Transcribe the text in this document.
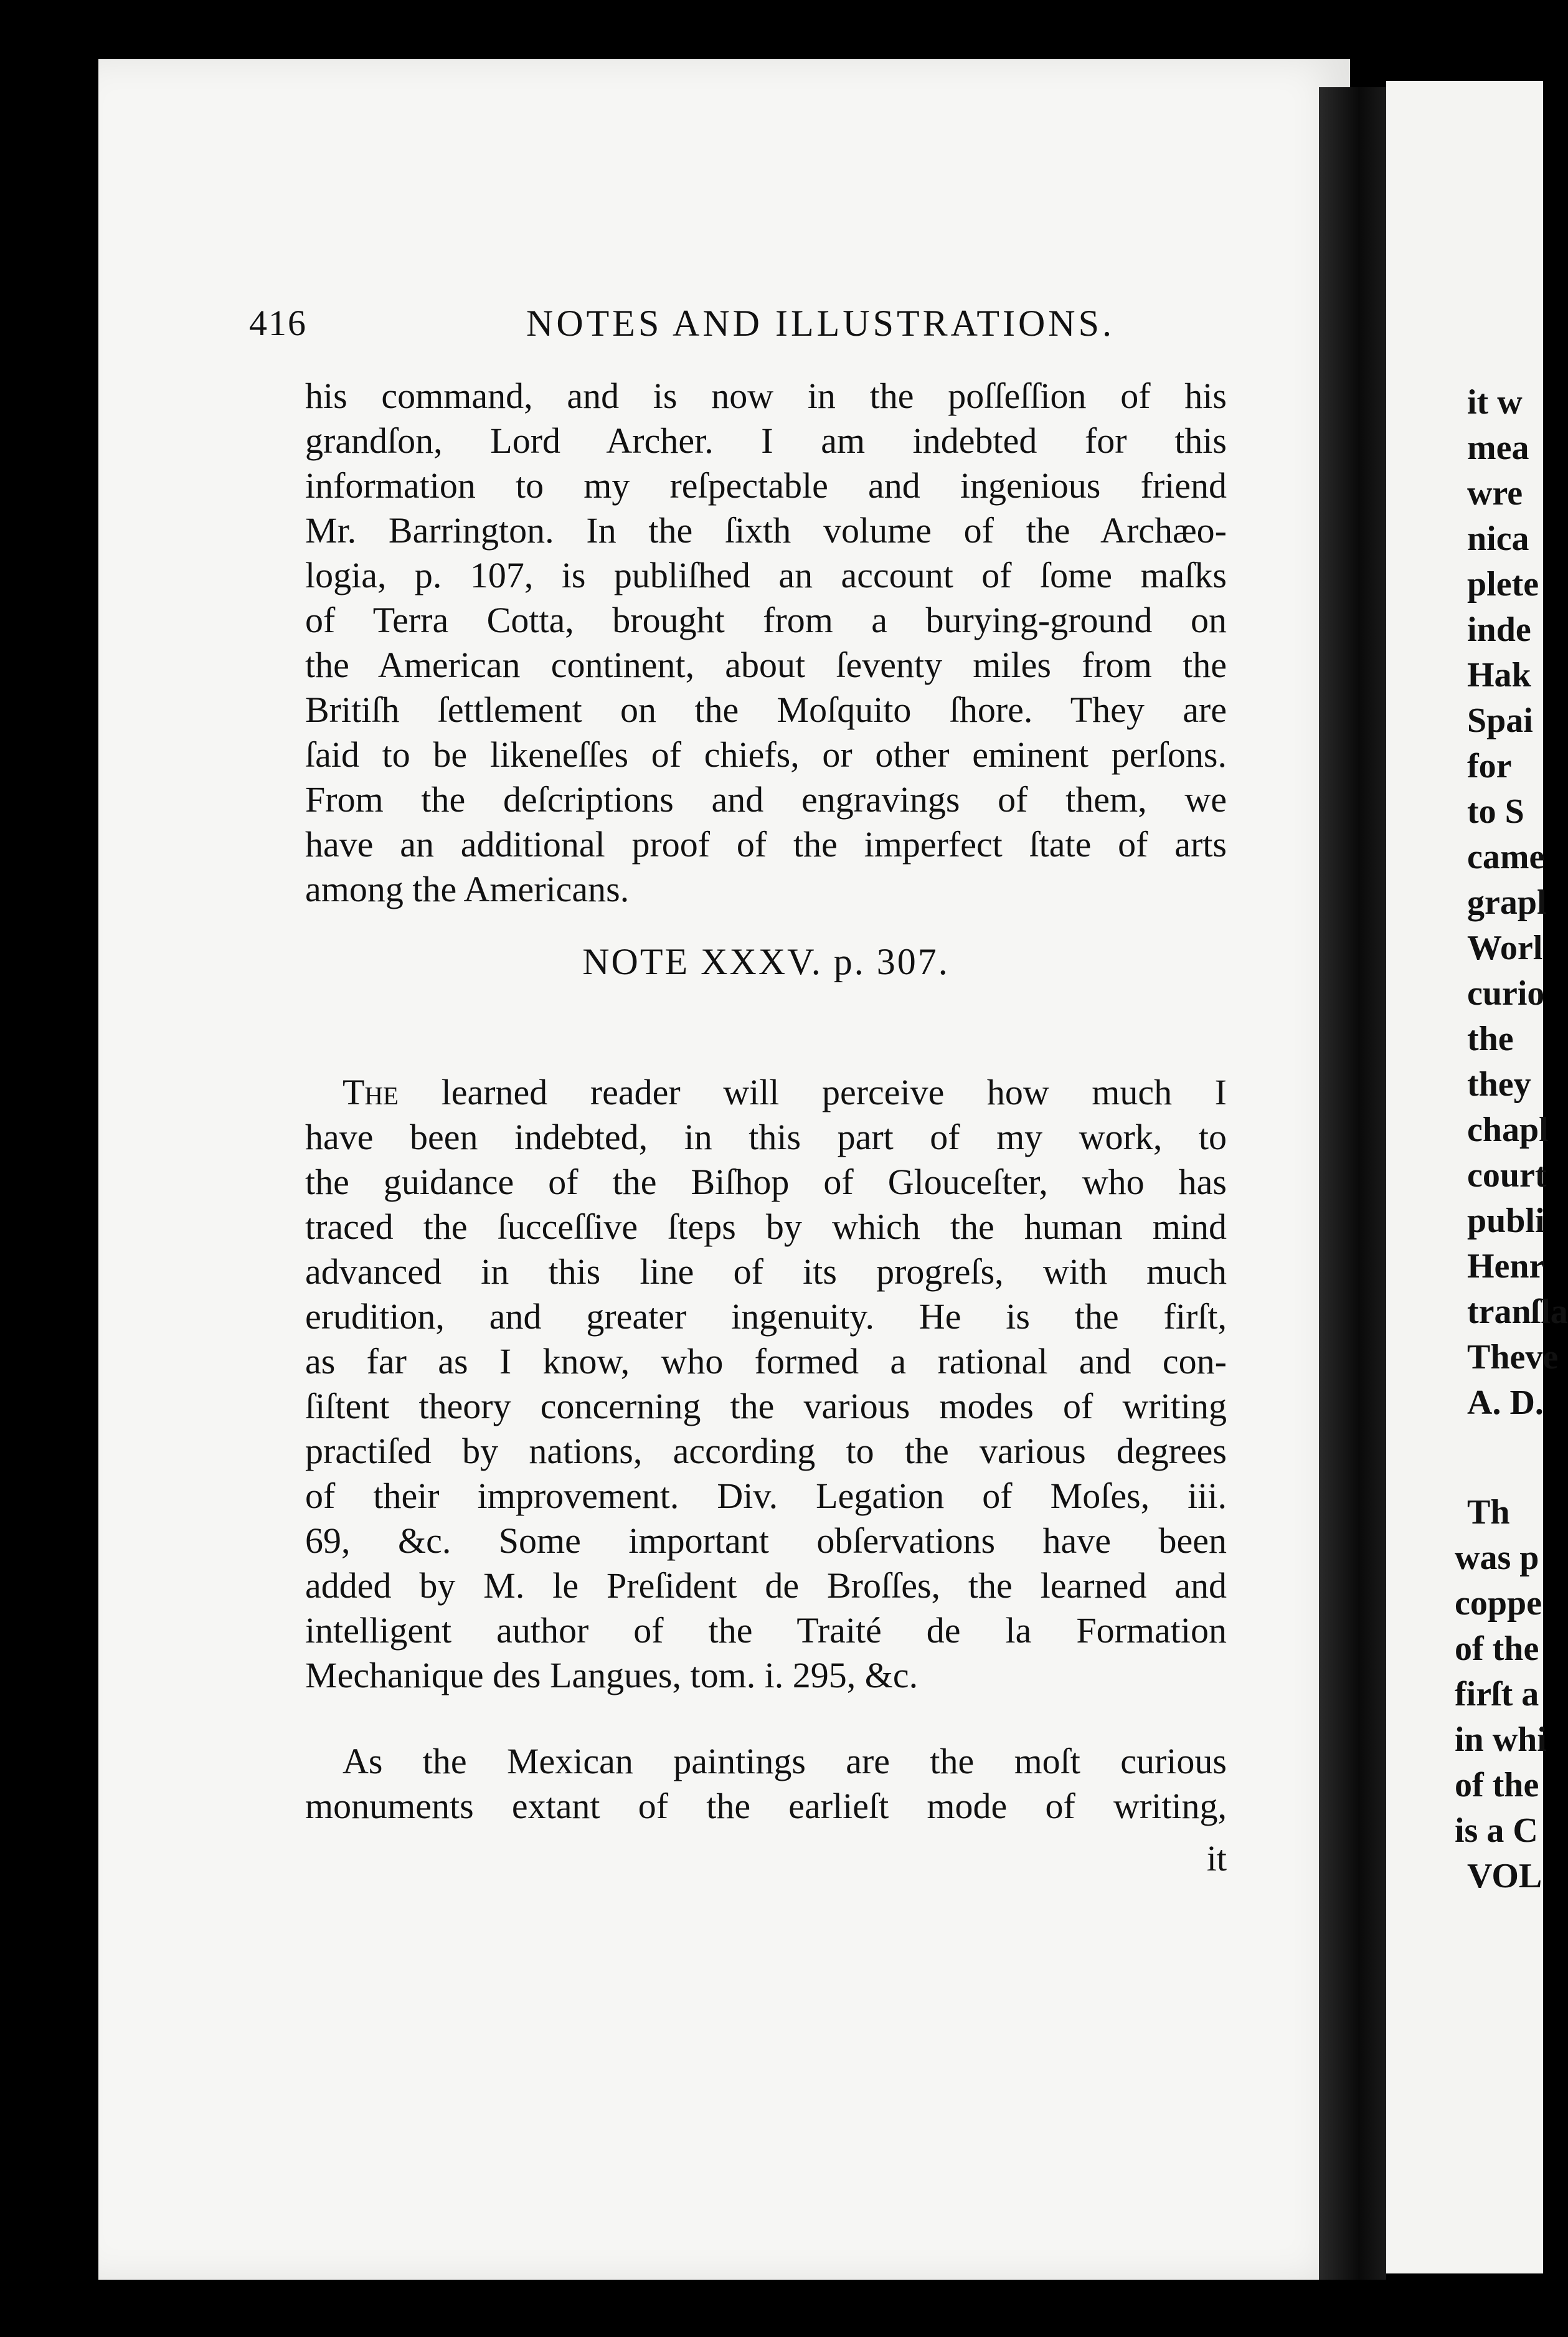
it w
mea
wre
nica
plete
inde
Hak
Spai
for
to S
came
grapl
Worl
curio
the
they
chapl
court
publi
Henr
tranſla
Theve
A. D.
Th
was p
coppe
of the
firſt a
in whi
of the
is a C
VOL
416	NOTES AND ILLUSTRATIONS.
his command, and is now in the poſſeſſion of his
grandſon, Lord Archer. I am indebted for this
information to my reſpectable and ingenious friend
Mr. Barrington. In the ſixth volume of the Archæo-
logia, p. 107, is publiſhed an account of ſome maſks
of Terra Cotta, brought from a burying-ground on
the American continent, about ſeventy miles from the
Britiſh ſettlement on the Moſquito ſhore. They are
ſaid to be likeneſſes of chiefs, or other eminent perſons.
From the deſcriptions and engravings of them, we
have an additional proof of the imperfect ſtate of arts
among the Americans.
NOTE XXXV. p. 307.
The learned reader will perceive how much I
have been indebted, in this part of my work, to
the guidance of the Biſhop of Glouceſter, who has
traced the ſucceſſive ſteps by which the human mind
advanced in this line of its progreſs, with much
erudition, and greater ingenuity. He is the firſt,
as far as I know, who formed a rational and con-
ſiſtent theory concerning the various modes of writing
practiſed by nations, according to the various degrees
of their improvement. Div. Legation of Moſes, iii.
69, &c. Some important obſervations have been
added by M. le Preſident de Broſſes, the learned and
intelligent author of the Traité de la Formation
Mechanique des Langues, tom. i. 295, &c.
As the Mexican paintings are the moſt curious
monuments extant of the earlieſt mode of writing,
it
